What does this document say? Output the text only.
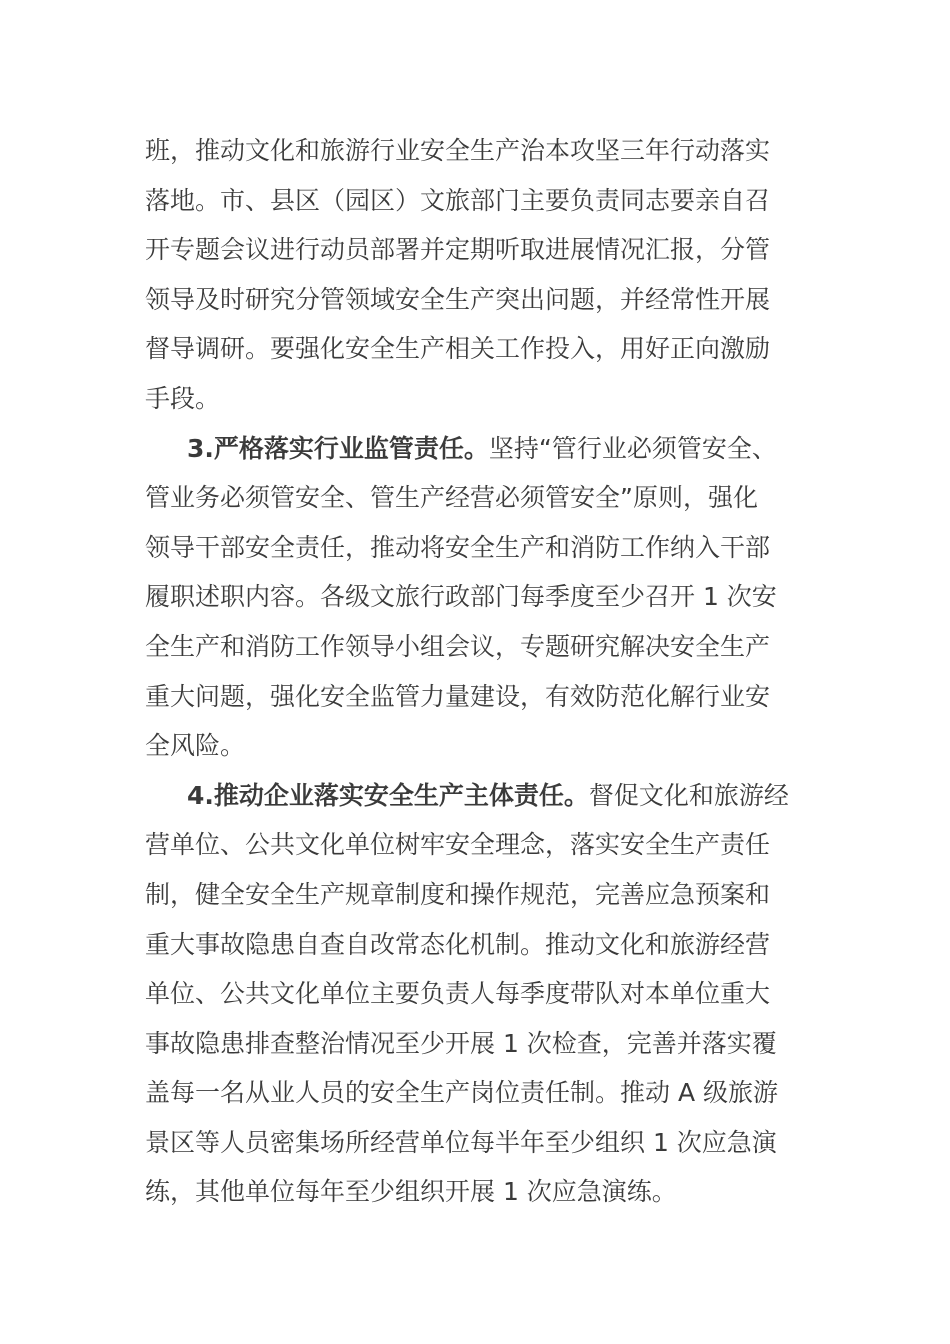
班，推动文化和旅游行业安全生产治本攻坚三年行动落实
落地。市、县区（园区）文旅部门主要负责同志要亲自召
开专题会议进行动员部署并定期听取进展情况汇报，分管
领导及时研究分管领域安全生产突出问题，并经常性开展
督导调研。要强化安全生产相关工作投入，用好正向激励
手段。
3.严格落实行业监管责任。坚持“管行业必须管安全、
管业务必须管安全、管生产经营必须管安全”原则，强化
领导干部安全责任，推动将安全生产和消防工作纳入干部
履职述职内容。各级文旅行政部门每季度至少召开 1 次安
全生产和消防工作领导小组会议，专题研究解决安全生产
重大问题，强化安全监管力量建设，有效防范化解行业安
全风险。
4.推动企业落实安全生产主体责任。督促文化和旅游经
营单位、公共文化单位树牢安全理念，落实安全生产责任
制，健全安全生产规章制度和操作规范，完善应急预案和
重大事故隐患自查自改常态化机制。推动文化和旅游经营
单位、公共文化单位主要负责人每季度带队对本单位重大
事故隐患排查整治情况至少开展 1 次检查，完善并落实覆
盖每一名从业人员的安全生产岗位责任制。推动 A 级旅游
景区等人员密集场所经营单位每半年至少组织 1 次应急演
练，其他单位每年至少组织开展 1 次应急演练。
